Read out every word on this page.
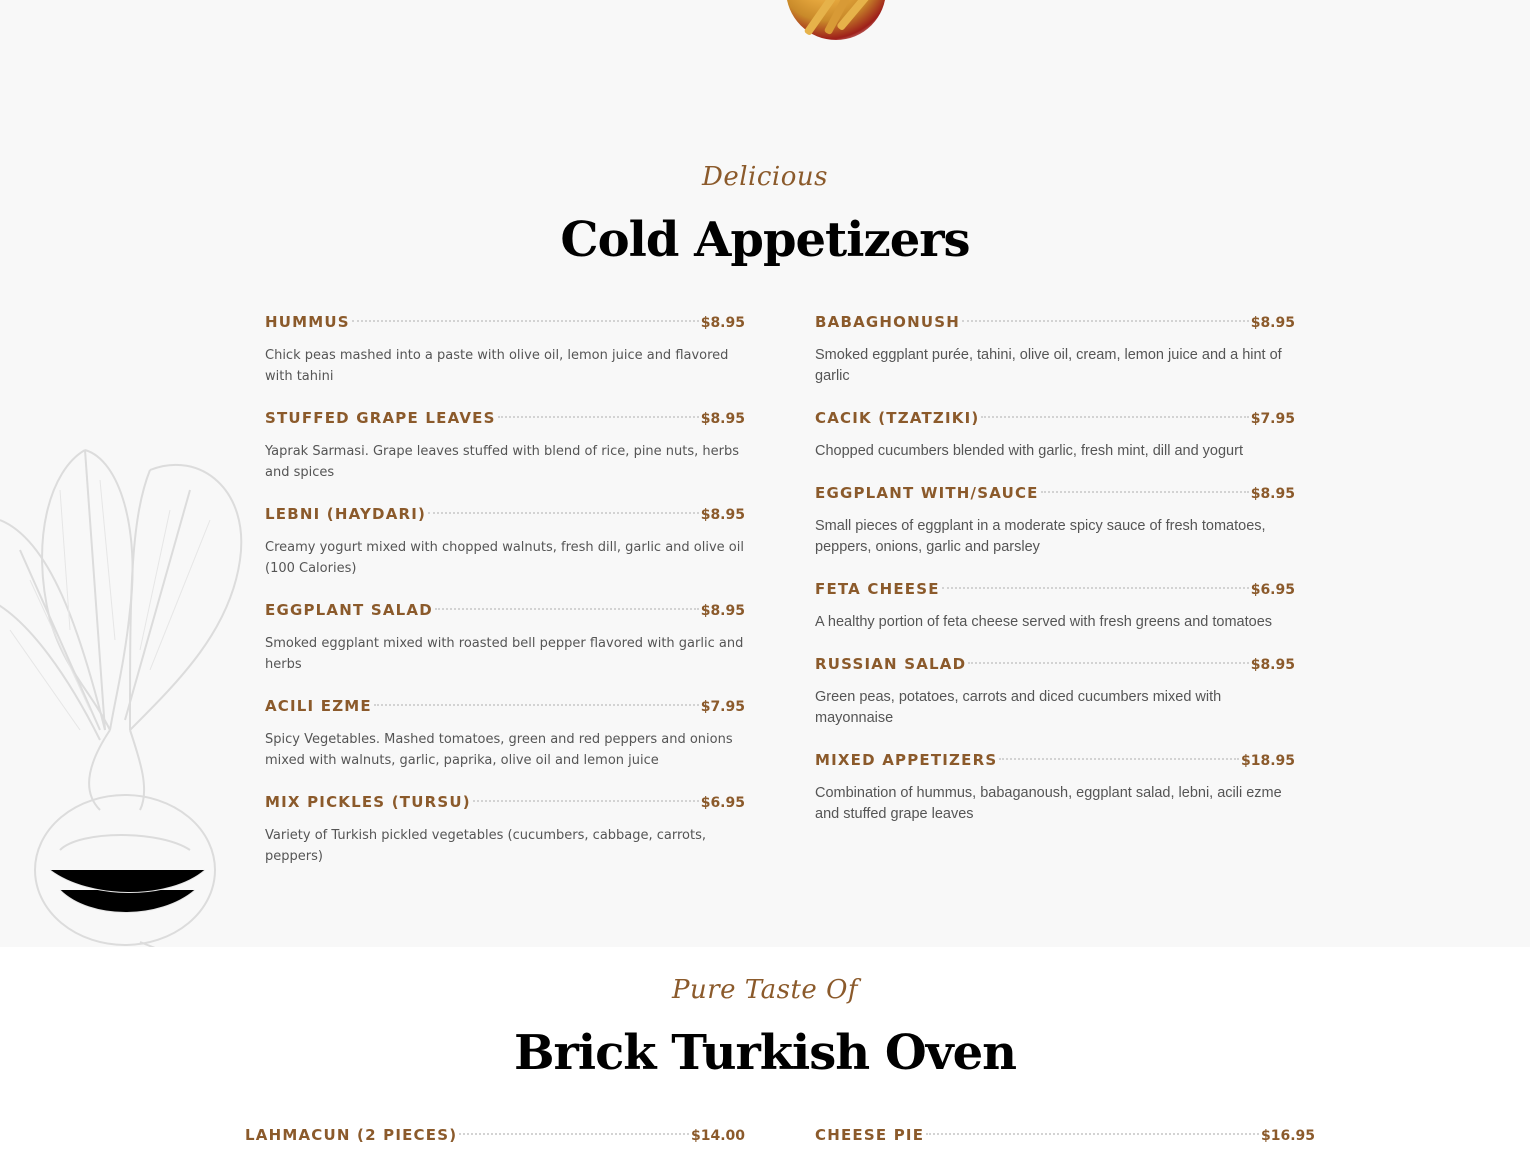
Delicious
Cold Appetizers
HUMMUS	$8.95
Chick peas mashed into a paste with olive oil, lemon juice and flavored with tahini
STUFFED GRAPE LEAVES	$8.95
Yaprak Sarmasi. Grape leaves stuffed with blend of rice, pine nuts, herbs and spices
LEBNI (HAYDARI)	$8.95
Creamy yogurt mixed with chopped walnuts, fresh dill, garlic and olive oil (100 Calories)
EGGPLANT SALAD	$8.95
Smoked eggplant mixed with roasted bell pepper flavored with garlic and herbs
ACILI EZME	$7.95
Spicy Vegetables. Mashed tomatoes, green and red peppers and onions mixed with walnuts, garlic, paprika, olive oil and lemon juice
MIX PICKLES (TURSU)	$6.95
Variety of Turkish pickled vegetables (cucumbers, cabbage, carrots, peppers)
BABAGHONUSH	$8.95
Smoked eggplant purée, tahini, olive oil, cream, lemon juice and a hint of garlic
CACIK (TZATZIKI)	$7.95
Chopped cucumbers blended with garlic, fresh mint, dill and yogurt
EGGPLANT WITH/SAUCE	$8.95
Small pieces of eggplant in a moderate spicy sauce of fresh tomatoes, peppers, onions, garlic and parsley
FETA CHEESE	$6.95
A healthy portion of feta cheese served with fresh greens and tomatoes
RUSSIAN SALAD	$8.95
Green peas, potatoes, carrots and diced cucumbers mixed with mayonnaise
MIXED APPETIZERS	$18.95
Combination of hummus, babaganoush, eggplant salad, lebni, acili ezme and stuffed grape leaves
Pure Taste Of
Brick Turkish Oven
LAHMACUN (2 PIECES)	$14.00	CHEESE PIE	$16.95
